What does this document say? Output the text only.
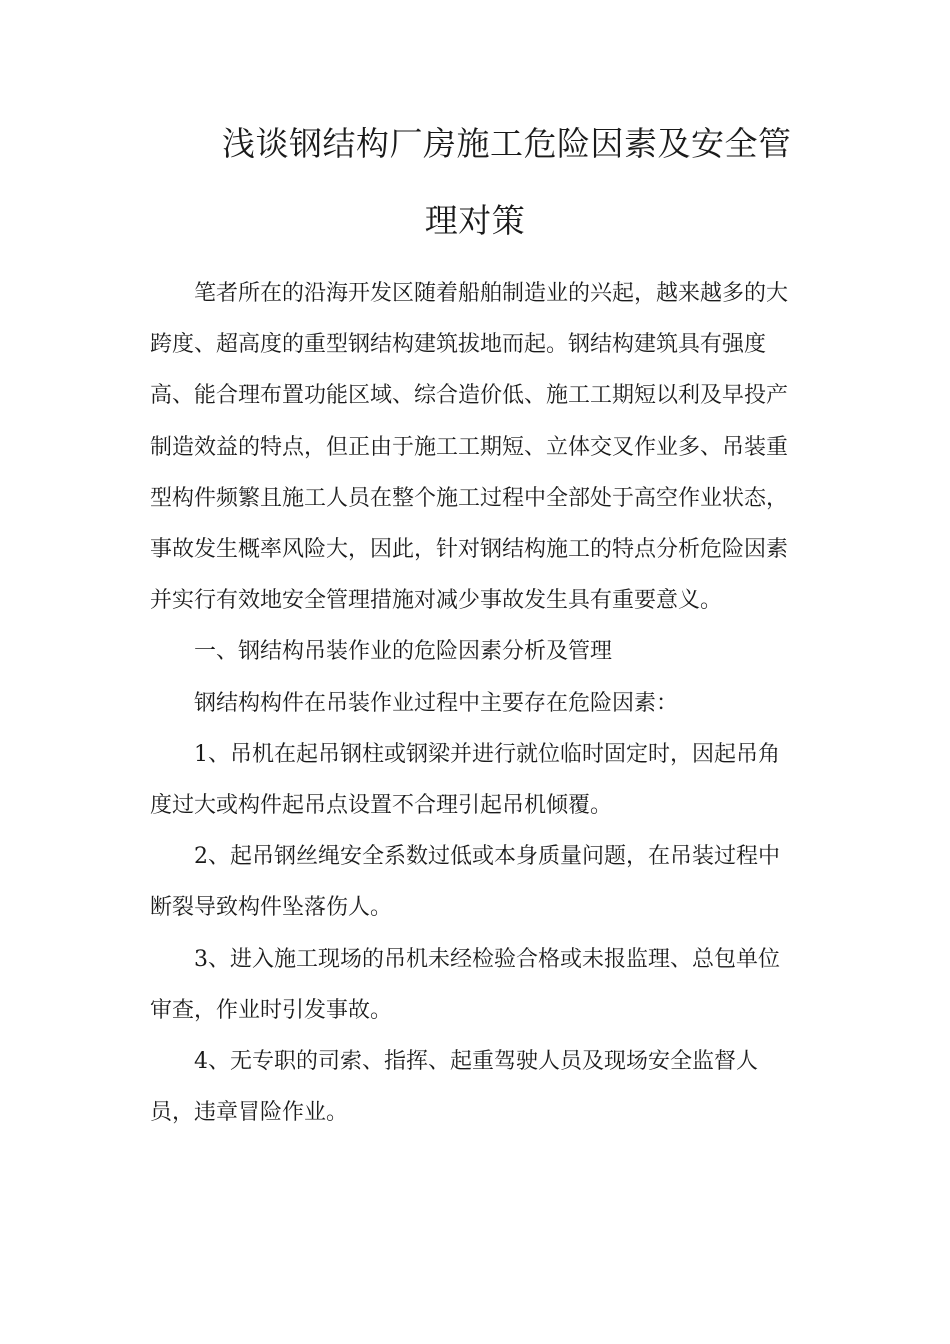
浅谈钢结构厂房施工危险因素及安全管
理对策

笔者所在的沿海开发区随着船舶制造业的兴起，越来越多的大
跨度、超高度的重型钢结构建筑拔地而起。钢结构建筑具有强度
高、能合理布置功能区域、综合造价低、施工工期短以利及早投产
制造效益的特点，但正由于施工工期短、立体交叉作业多、吊装重
型构件频繁且施工人员在整个施工过程中全部处于高空作业状态，
事故发生概率风险大，因此，针对钢结构施工的特点分析危险因素
并实行有效地安全管理措施对减少事故发生具有重要意义。

一、钢结构吊装作业的危险因素分析及管理

钢结构构件在吊装作业过程中主要存在危险因素：

1、吊机在起吊钢柱或钢梁并进行就位临时固定时，因起吊角
度过大或构件起吊点设置不合理引起吊机倾覆。

2、起吊钢丝绳安全系数过低或本身质量问题，在吊装过程中
断裂导致构件坠落伤人。

3、进入施工现场的吊机未经检验合格或未报监理、总包单位
审查，作业时引发事故。

4、无专职的司索、指挥、起重驾驶人员及现场安全监督人
员，违章冒险作业。
